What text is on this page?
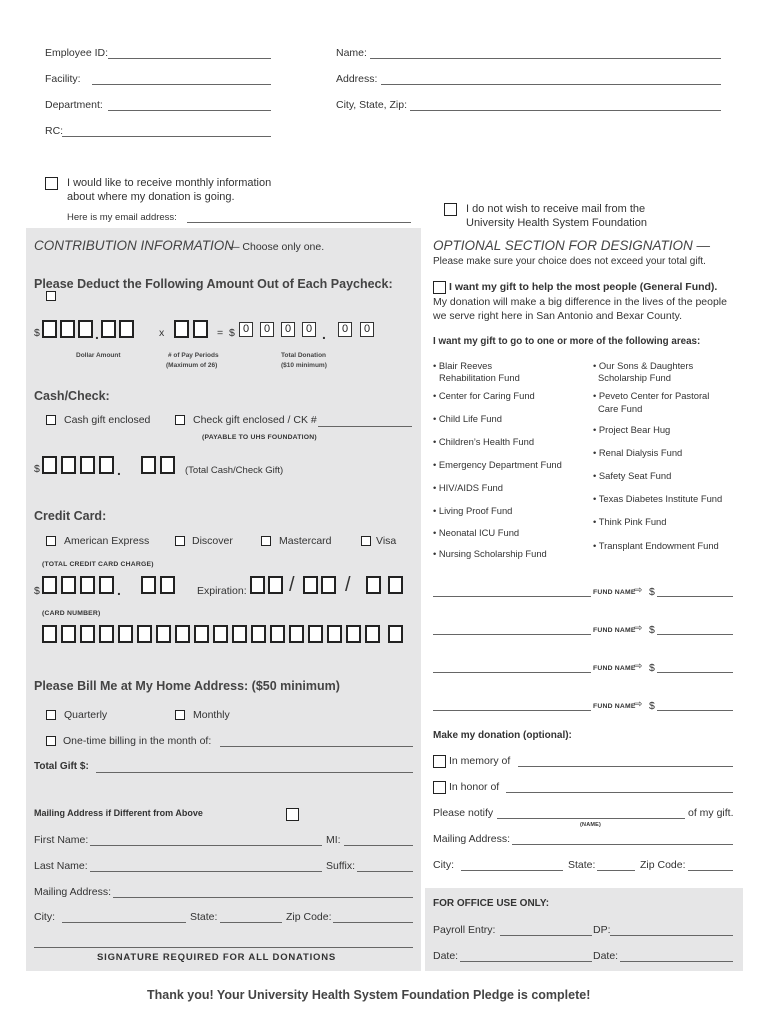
Employee ID:
Facility:
Department:
RC:
Name:
Address:
City, State, Zip:
I would like to receive monthly information
about where my donation is going.
Here is my email address:
I do not wish to receive mail from the
University Health System Foundation
CONTRIBUTION INFORMATION
— Choose only one.
Please Deduct the Following Amount Out of Each Paycheck:
$	.	x	= $ 0	0	0	0 .	0	0
Dollar Amount	# of Pay Periods
(Maximum of 26)
Total Donation
($10 minimum)
Cash/Check:
Cash gift enclosed	Check gift enclosed / CK #
(PAYABLE TO UHS FOUNDATION)
$	.	(Total Cash/Check Gift)
Credit Card:
American Express	Discover	Mastercard	Visa
(TOTAL CREDIT CARD CHARGE)
$	.	Expiration: /	/
(CARD NUMBER)
Please Bill Me at My Home Address: ($50 minimum)
Quarterly	Monthly
One-time billing in the month of:
Total Gift $:
Mailing Address if Different from Above
First Name:	MI:
Last Name:	Suffix:
Mailing Address:
City:	State:	Zip Code:
SIGNATURE REQUIRED FOR ALL DONATIONS
OPTIONAL SECTION FOR DESIGNATION —
Please make sure your choice does not exceed your total gift.
I want my gift to help the most people (General Fund).
My donation will make a big difference in the lives of the people
we serve right here in San Antonio and Bexar County.
I want my gift to go to one or more of the following areas:
• Blair Reeves
Rehabilitation Fund
• Center for Caring Fund
• Child Life Fund
• Children’s Health Fund
• Emergency Department Fund
• HIV/AIDS Fund
• Living Proof Fund
• Neonatal ICU Fund
• Nursing Scholarship Fund
• Our Sons & Daughters
Scholarship Fund
• Peveto Center for Pastoral
Care Fund
• Project Bear Hug
• Renal Dialysis Fund
• Safety Seat Fund
• Texas Diabetes Institute Fund
• Think Pink Fund
• Transplant Endowment Fund
FUND NAME
⇨ $
FUND NAME
⇨ $
FUND NAME
⇨ $
FUND NAME
⇨ $
Make my donation (optional):
In memory of
In honor of
Please notify	of my gift.
(NAME)
Mailing Address:
City:	State:	Zip Code:
FOR OFFICE USE ONLY:
Payroll Entry:	DP:
Date:	Date:
Thank you! Your University Health System Foundation Pledge is complete!
